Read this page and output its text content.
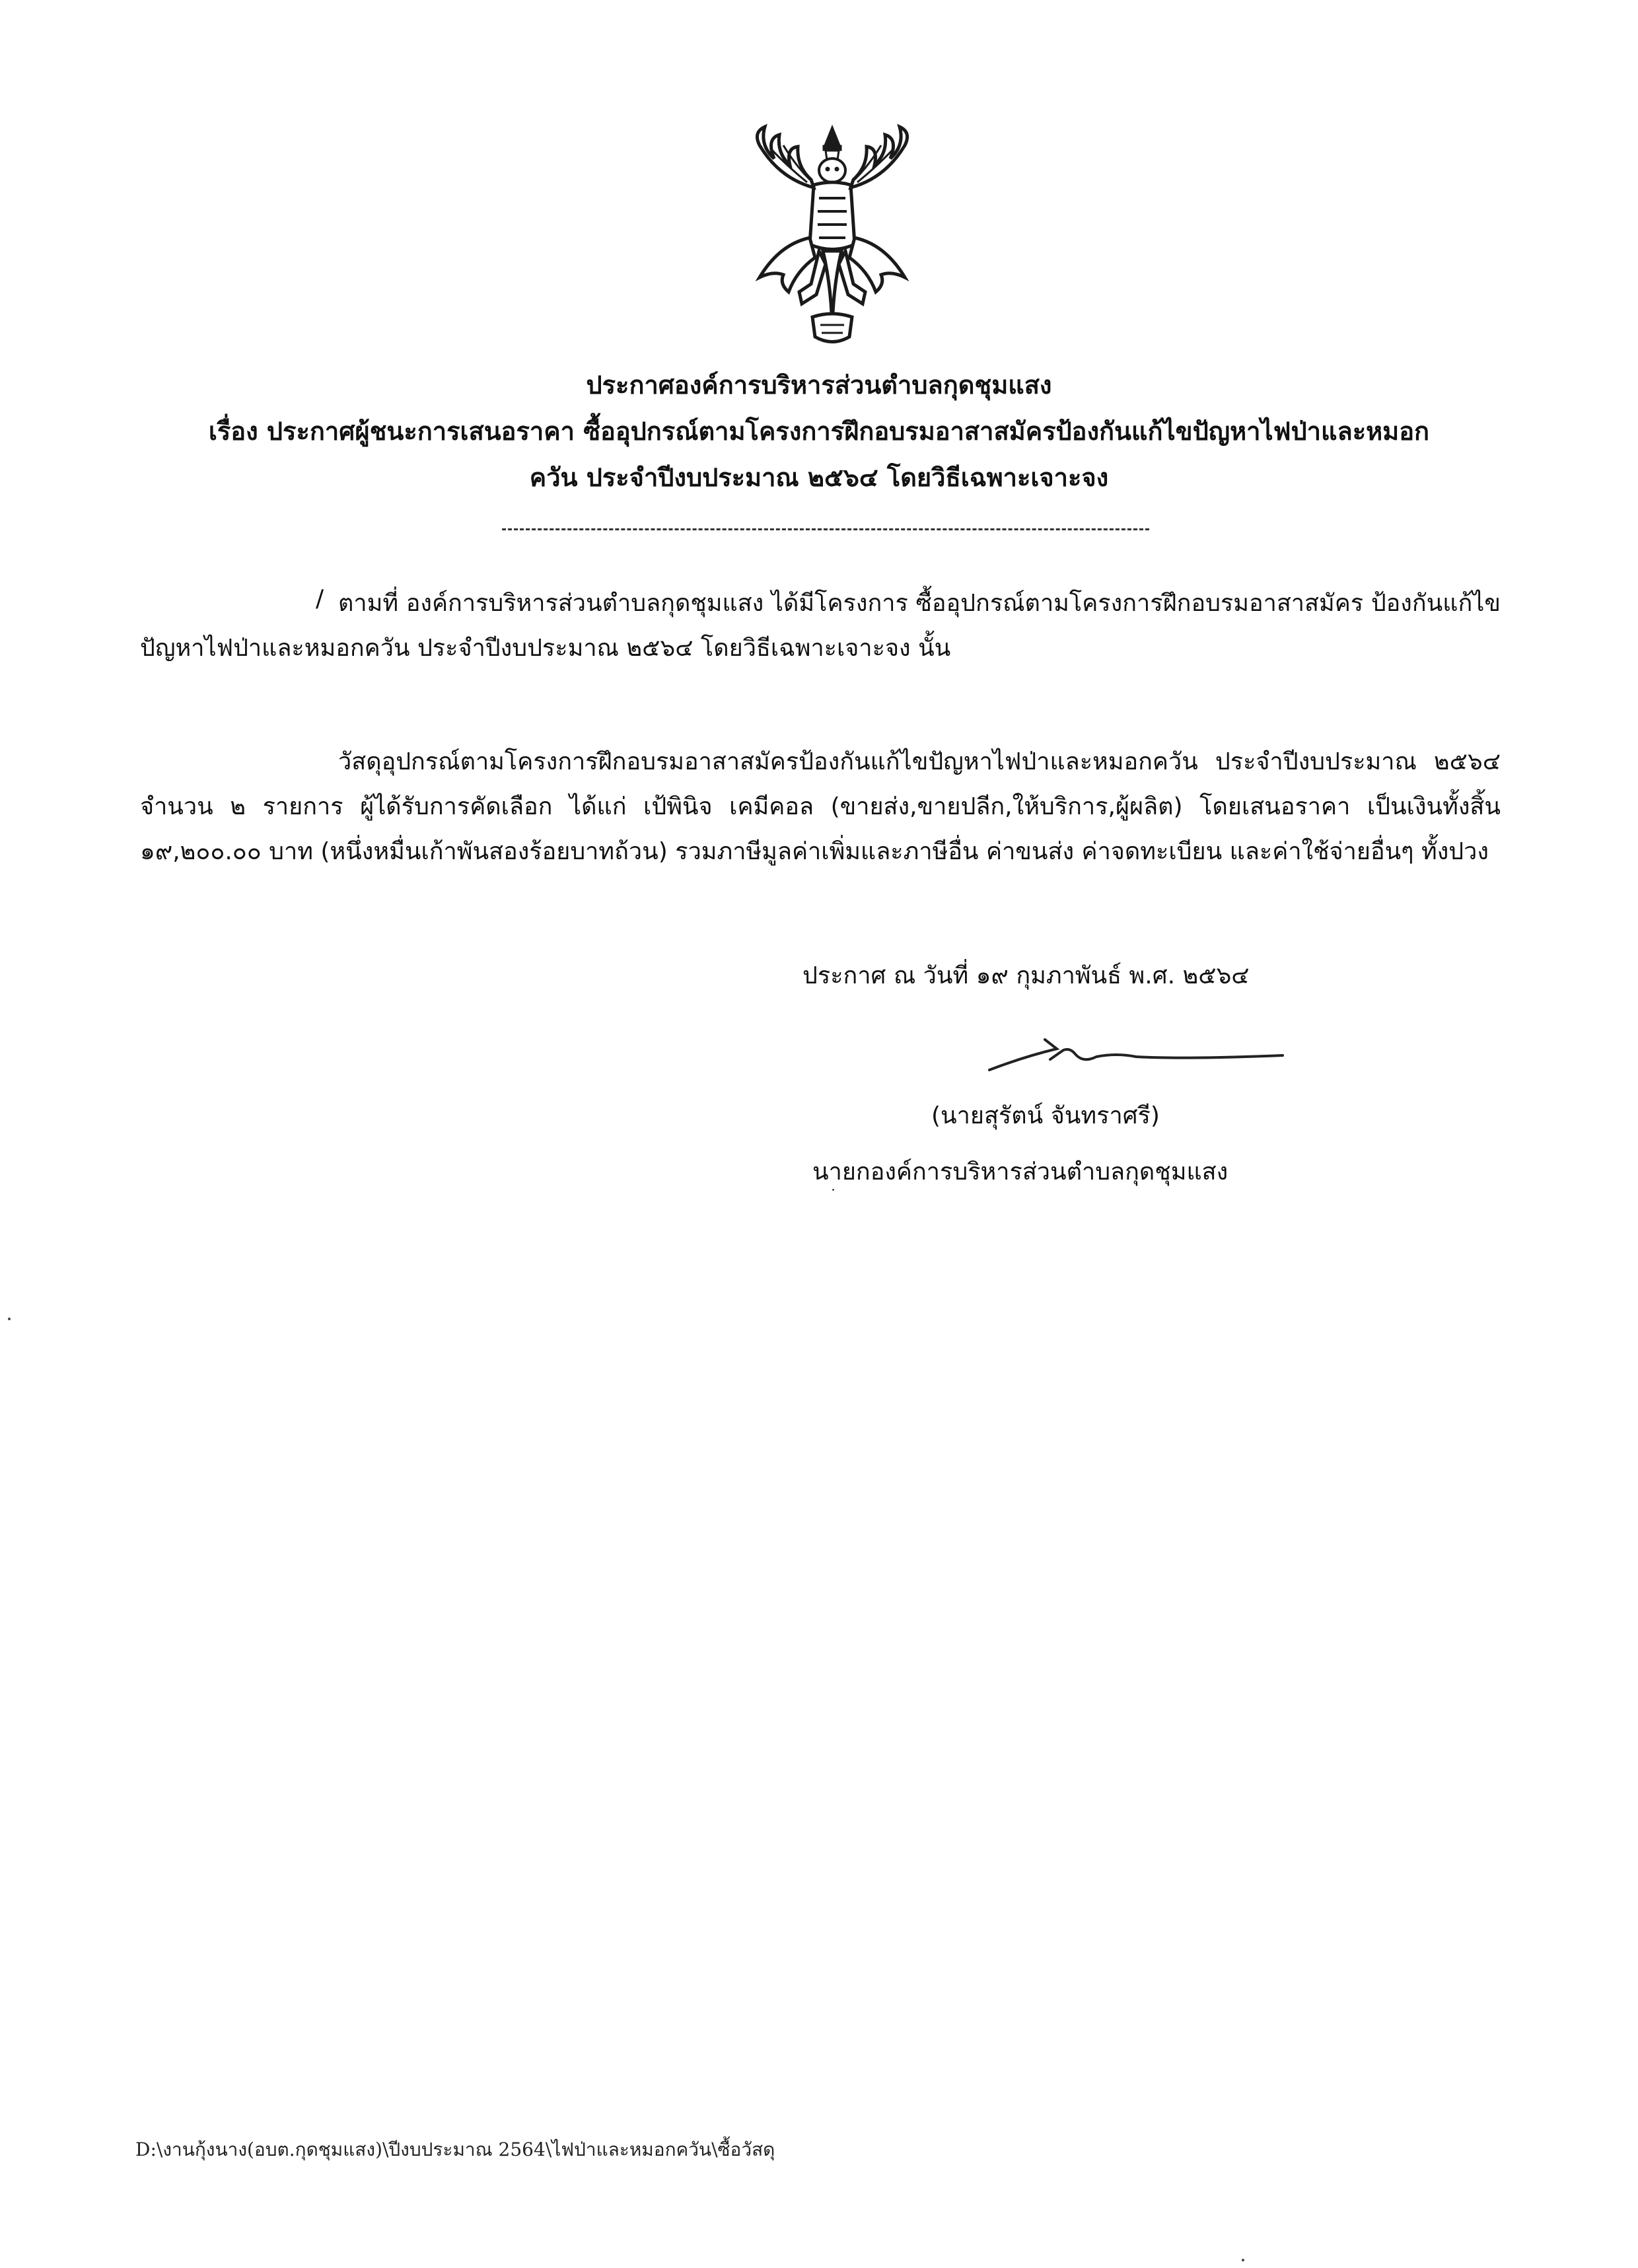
ประกาศองค์การบริหารส่วนตำบลกุดชุมแสง
เรื่อง ประกาศผู้ชนะการเสนอราคา ซื้ออุปกรณ์ตามโครงการฝึกอบรมอาสาสมัครป้องกันแก้ไขปัญหาไฟป่าและหมอก
ควัน ประจำปีงบประมาณ ๒๕๖๔ โดยวิธีเฉพาะเจาะจง
/ ตามที่ องค์การบริหารส่วนตำบลกุดชุมแสง ได้มีโครงการ ซื้ออุปกรณ์ตามโครงการฝึกอบรมอาสาสมัคร ป้องกันแก้ไขปัญหาไฟป่าและหมอกควัน ประจำปีงบประมาณ ๒๕๖๔ โดยวิธีเฉพาะเจาะจง นั้น
วัสดุอุปกรณ์ตามโครงการฝึกอบรมอาสาสมัครป้องกันแก้ไขปัญหาไฟป่าและหมอกควัน ประจำปีงบประมาณ ๒๕๖๔ จำนวน ๒ รายการ ผู้ได้รับการคัดเลือก ได้แก่ เป้พินิจ เคมีคอล (ขายส่ง,ขายปลีก,ให้บริการ,ผู้ผลิต) โดยเสนอราคา เป็นเงินทั้งสิ้น ๑๙,๒๐๐.๐๐ บาท (หนึ่งหมื่นเก้าพันสองร้อยบาทถ้วน) รวมภาษีมูลค่าเพิ่มและภาษีอื่น ค่าขนส่ง ค่าจดทะเบียน และค่าใช้จ่ายอื่นๆ ทั้งปวง
ประกาศ ณ วันที่ ๑๙ กุมภาพันธ์ พ.ศ. ๒๕๖๔
(นายสุรัตน์ จันทราศรี)
นายกองค์การบริหารส่วนตำบลกุดชุมแสง
D:\งานกุ้งนาง(อบต.กุดชุมแสง)\ปีงบประมาณ 2564\ไฟป่าและหมอกควัน\ซื้อวัสดุ
